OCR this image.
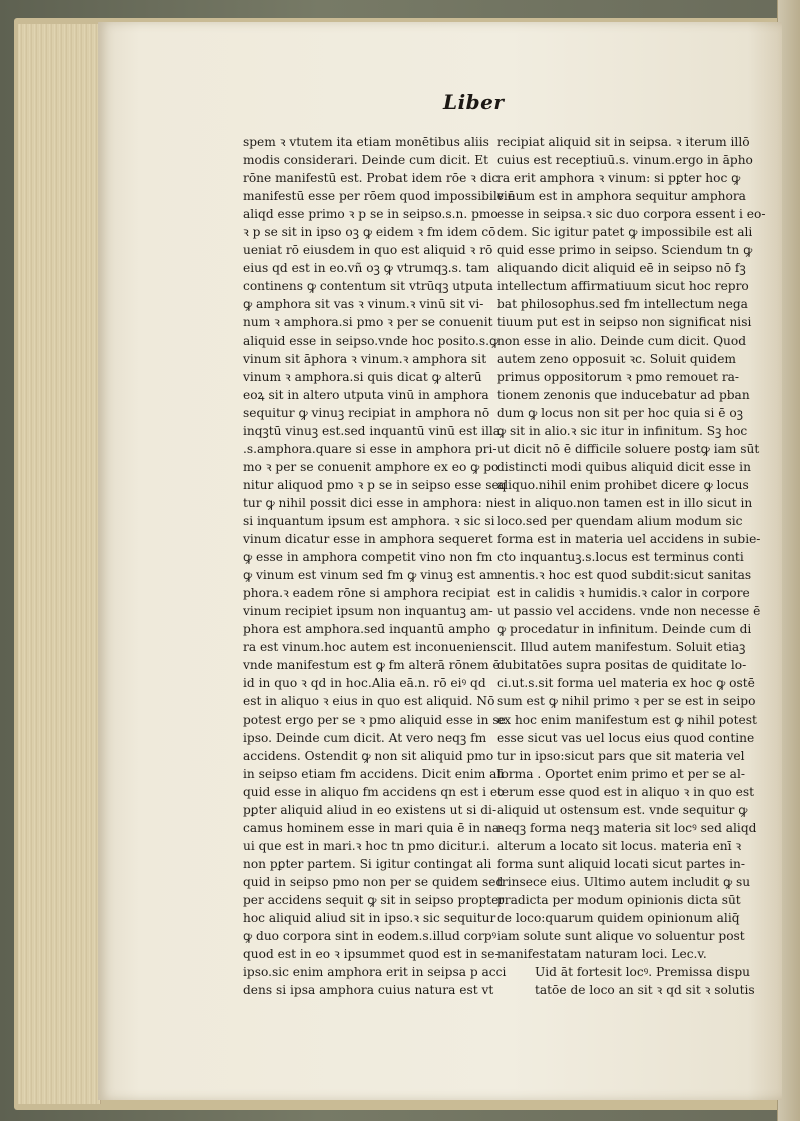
Liber
spem ꝛ vtutem ita etiam monētibus aliis
modis considerari. Deinde cum dicit. Et
rōne manifestū est. Probat idem rōe ꝛ dic
manifestū esse per rōem quod impossibile ē
aliqd esse primo ꝛ p se in seipso.s.n. pmo
ꝛ p se sit in ipso oꝫ ꝙ eidem ꝛ fm idem cō
ueniat rō eiusdem in quo est aliquid ꝛ rō
eius qd est in eo.vñ oꝫ ꝙ vtrumqꝫ.s. tam
continens ꝙ contentum sit vtrūqꝫ utputa
ꝙ amphora sit vas ꝛ vinum.ꝛ vinū sit vi-
num ꝛ amphora.si pmo ꝛ per se conuenit
aliquid esse in seipso.vnde hoc posito.s.ꝙ
vinum sit āphora ꝛ vinum.ꝛ amphora sit
vinum ꝛ amphora.si quis dicat ꝙ alterū
eoꝝ sit in altero utputa vinū in amphora
sequitur ꝙ vinuꝫ recipiat in amphora nō
inqꝫtū vinuꝫ est.sed inquantū vinū est illa
.s.amphora.quare si esse in amphora pri-
mo ꝛ per se conuenit amphore ex eo ꝙ po
nitur aliquod pmo ꝛ p se in seipso esse seq
tur ꝙ nihil possit dici esse in amphora: ni
si inquantum ipsum est amphora. ꝛ sic si
vinum dicatur esse in amphora sequeret
ꝙ esse in amphora competit vino non fm
ꝙ vinum est vinum sed fm ꝙ vinuꝫ est am
phora.ꝛ eadem rōne si amphora recipiat
vinum recipiet ipsum non inquantuꝫ am-
phora est amphora.sed inquantū ampho
ra est vinum.hoc autem est inconueniens.
vnde manifestum est ꝙ fm alterā rōnem ē
id in quo ꝛ qd in hoc.Alia eā.n. rō eiꝰ qd
est in aliquo ꝛ eius in quo est aliquid. Nō
potest ergo per se ꝛ pmo aliquid esse in se
ipso. Deinde cum dicit. At vero neqꝫ fm
accidens. Ostendit ꝙ non sit aliquid pmo
in seipso etiam fm accidens. Dicit enim ali
quid esse in aliquo fm accidens qn est i eo
pꝑter aliquid aliud in eo existens ut si di-
camus hominem esse in mari quia ē in na-
ui que est in mari.ꝛ hoc tn pmo dicitur.i.
non pꝑter partem. Si igitur contingat ali
quid in seipso pmo non per se quidem sed
per accidens sequit ꝙ sit in seipso propter
hoc aliquid aliud sit in ipso.ꝛ sic sequitur
ꝙ duo corpora sint in eodem.s.illud corpꝰ
quod est in eo ꝛ ipsummet quod est in se-
ipso.sic enim amphora erit in seipsa p acci
dens si ipsa amphora cuius natura est vt
recipiat aliquid sit in seipsa. ꝛ iterum illō
cuius est receptiuū.s. vinum.ergo in āpho
ra erit amphora ꝛ vinum: si pꝑter hoc ꝙ
vinum est in amphora sequitur amphora
esse in seipsa.ꝛ sic duo corpora essent i eo-
dem. Sic igitur patet ꝙ impossibile est ali
quid esse primo in seipso. Sciendum tn ꝙ
aliquando dicit aliquid eē in seipso nō fꝫ
intellectum affirmatiuum sicut hoc repro
bat philosophus.sed fm intellectum nega
tiuum put est in seipso non significat nisi
non esse in alio. Deinde cum dicit. Quod
autem zeno opposuit ꝛc. Soluit quidem
primus oppositorum ꝛ pmo remouet ra-
tionem zenonis que inducebatur ad pban
dum ꝙ locus non sit per hoc quia si ē oꝫ
ꝙ sit in alio.ꝛ sic itur in infinitum. Sꝫ hoc
ut dicit nō ē difficile soluere postꝙ iam sūt
distincti modi quibus aliquid dicit esse in
aliquo.nihil enim prohibet dicere ꝙ locus
est in aliquo.non tamen est in illo sicut in
loco.sed per quendam alium modum sic
forma est in materia uel accidens in subie-
cto inquantuꝫ.s.locus est terminus conti
nentis.ꝛ hoc est quod subdit:sicut sanitas
est in calidis ꝛ humidis.ꝛ calor in corpore
ut passio vel accidens. vnde non necesse ē
ꝙ procedatur in infinitum. Deinde cum di
cit. Illud autem manifestum. Soluit etiaꝫ
dubitatōes supra positas de quiditate lo-
ci.ut.s.sit forma uel materia ex hoc ꝙ ostē
sum est ꝙ nihil primo ꝛ per se est in seipo
ex hoc enim manifestum est ꝙ nihil potest
esse sicut vas uel locus eius quod contine
tur in ipso:sicut pars que sit materia vel
forma . Oportet enim primo et per se al-
terum esse quod est in aliquo ꝛ in quo est
aliquid ut ostensum est. vnde sequitur ꝙ
neqꝫ forma neqꝫ materia sit locꝰ sed aliqd
alterum a locato sit locus. materia enī ꝛ
forma sunt aliquid locati sicut partes in-
trinsece eius. Ultimo autem includit ꝙ su
pradicta per modum opinionis dicta sūt
de loco:quarum quidem opinionum aliq̄
iam solute sunt alique vo soluentur post
manifestatam naturam loci. Lec.v.
Uid āt fortesit locꝰ. Premissa dispu
tatōe de loco an sit ꝛ qd sit ꝛ solutis
